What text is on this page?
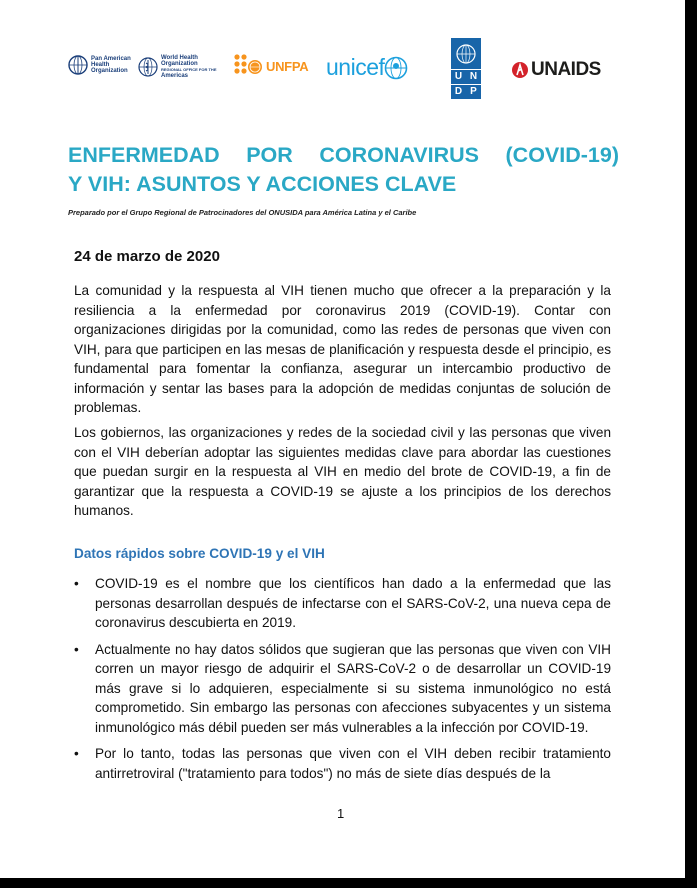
Pan American
Health
Organization
World Health
Organization
REGIONAL OFFICE FOR THE
Americas
UNFPA unicef	U N
D P
UNAIDS
ENFERMEDAD POR CORONAVIRUS (COVID-19)
Y VIH: ASUNTOS Y ACCIONES CLAVE

Preparado por el Grupo Regional de Patrocinadores del ONUSIDA para América Latina y el Caribe

24 de marzo de 2020

La comunidad y la respuesta al VIH tienen mucho que ofrecer a la preparación y la resiliencia a la enfermedad por coronavirus 2019 (COVID-19). Contar con organizaciones dirigidas por la comunidad, como las redes de personas que viven con VIH, para que participen en las mesas de planificación y respuesta desde el principio, es fundamental para fomentar la confianza, asegurar un intercambio productivo de información y sentar las bases para la adopción de medidas conjuntas de solución de problemas.

Los gobiernos, las organizaciones y redes de la sociedad civil y las personas que viven con el VIH deberían adoptar las siguientes medidas clave para abordar las cuestiones que puedan surgir en la respuesta al VIH en medio del brote de COVID-19, a fin de garantizar que la respuesta a COVID-19 se ajuste a los principios de los derechos humanos.

Datos rápidos sobre COVID-19 y el VIH
• COVID-19 es el nombre que los científicos han dado a la enfermedad que las personas desarrollan después de infectarse con el SARS-CoV-2, una nueva cepa de coronavirus descubierta en 2019.
• Actualmente no hay datos sólidos que sugieran que las personas que viven con VIH corren un mayor riesgo de adquirir el SARS-CoV-2 o de desarrollar un COVID-19 más grave si lo adquieren, especialmente si su sistema inmunológico no está comprometido. Sin embargo las personas con afecciones subyacentes y un sistema inmunológico más débil pueden ser más vulnerables a la infección por COVID-19.
• Por lo tanto, todas las personas que viven con el VIH deben recibir tratamiento antirretroviral ("tratamiento para todos") no más de siete días después de la

1
